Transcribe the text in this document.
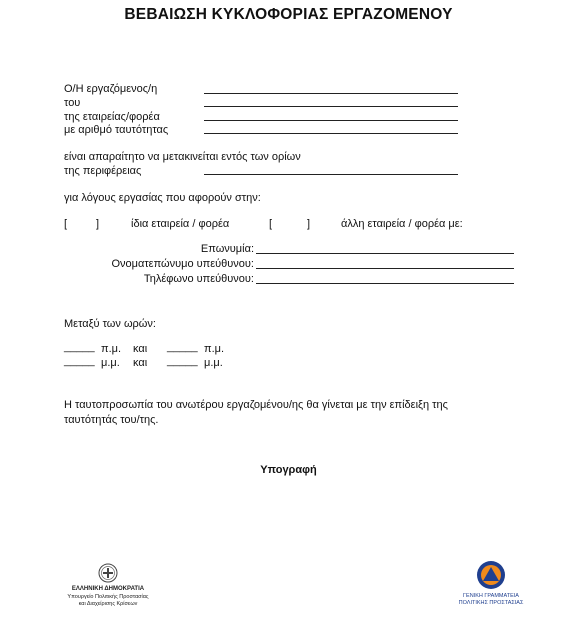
ΒΕΒΑΙΩΣΗ ΚΥΚΛΟΦΟΡΙΑΣ ΕΡΓΑΖΟΜΕΝΟΥ
Ο/Η εργαζόμενος/η
του
της εταιρείας/φορέα
με αριθμό ταυτότητας
είναι απαραίτητο να μετακινείται εντός των ορίων
της περιφέρειας
για λόγους εργασίας που αφορούν στην:
[	]	ίδια εταιρεία / φορέα	[	]	άλλη εταιρεία / φορέα με:
Επωνυμία:
Ονοματεπώνυμο υπεύθυνου:
Τηλέφωνο υπεύθυνου:
Μεταξύ των ωρών:
_____ π.μ. και _____ π.μ.
_____ μ.μ. και _____ μ.μ.
Η ταυτοπροσωπία του ανωτέρου εργαζομένου/ης θα γίνεται με την επίδειξη της
ταυτότητάς του/της.
Υπογραφή
ΕΛΛΗΝΙΚΗ ΔΗΜΟΚΡΑΤΙΑ
Υπουργείο Πολιτικής Προστασίας
και Διαχείρισης Κρίσεων
ΓΕΝΙΚΗ ΓΡΑΜΜΑΤΕΙΑ
ΠΟΛΙΤΙΚΗΣ ΠΡΟΣΤΑΣΙΑΣ
